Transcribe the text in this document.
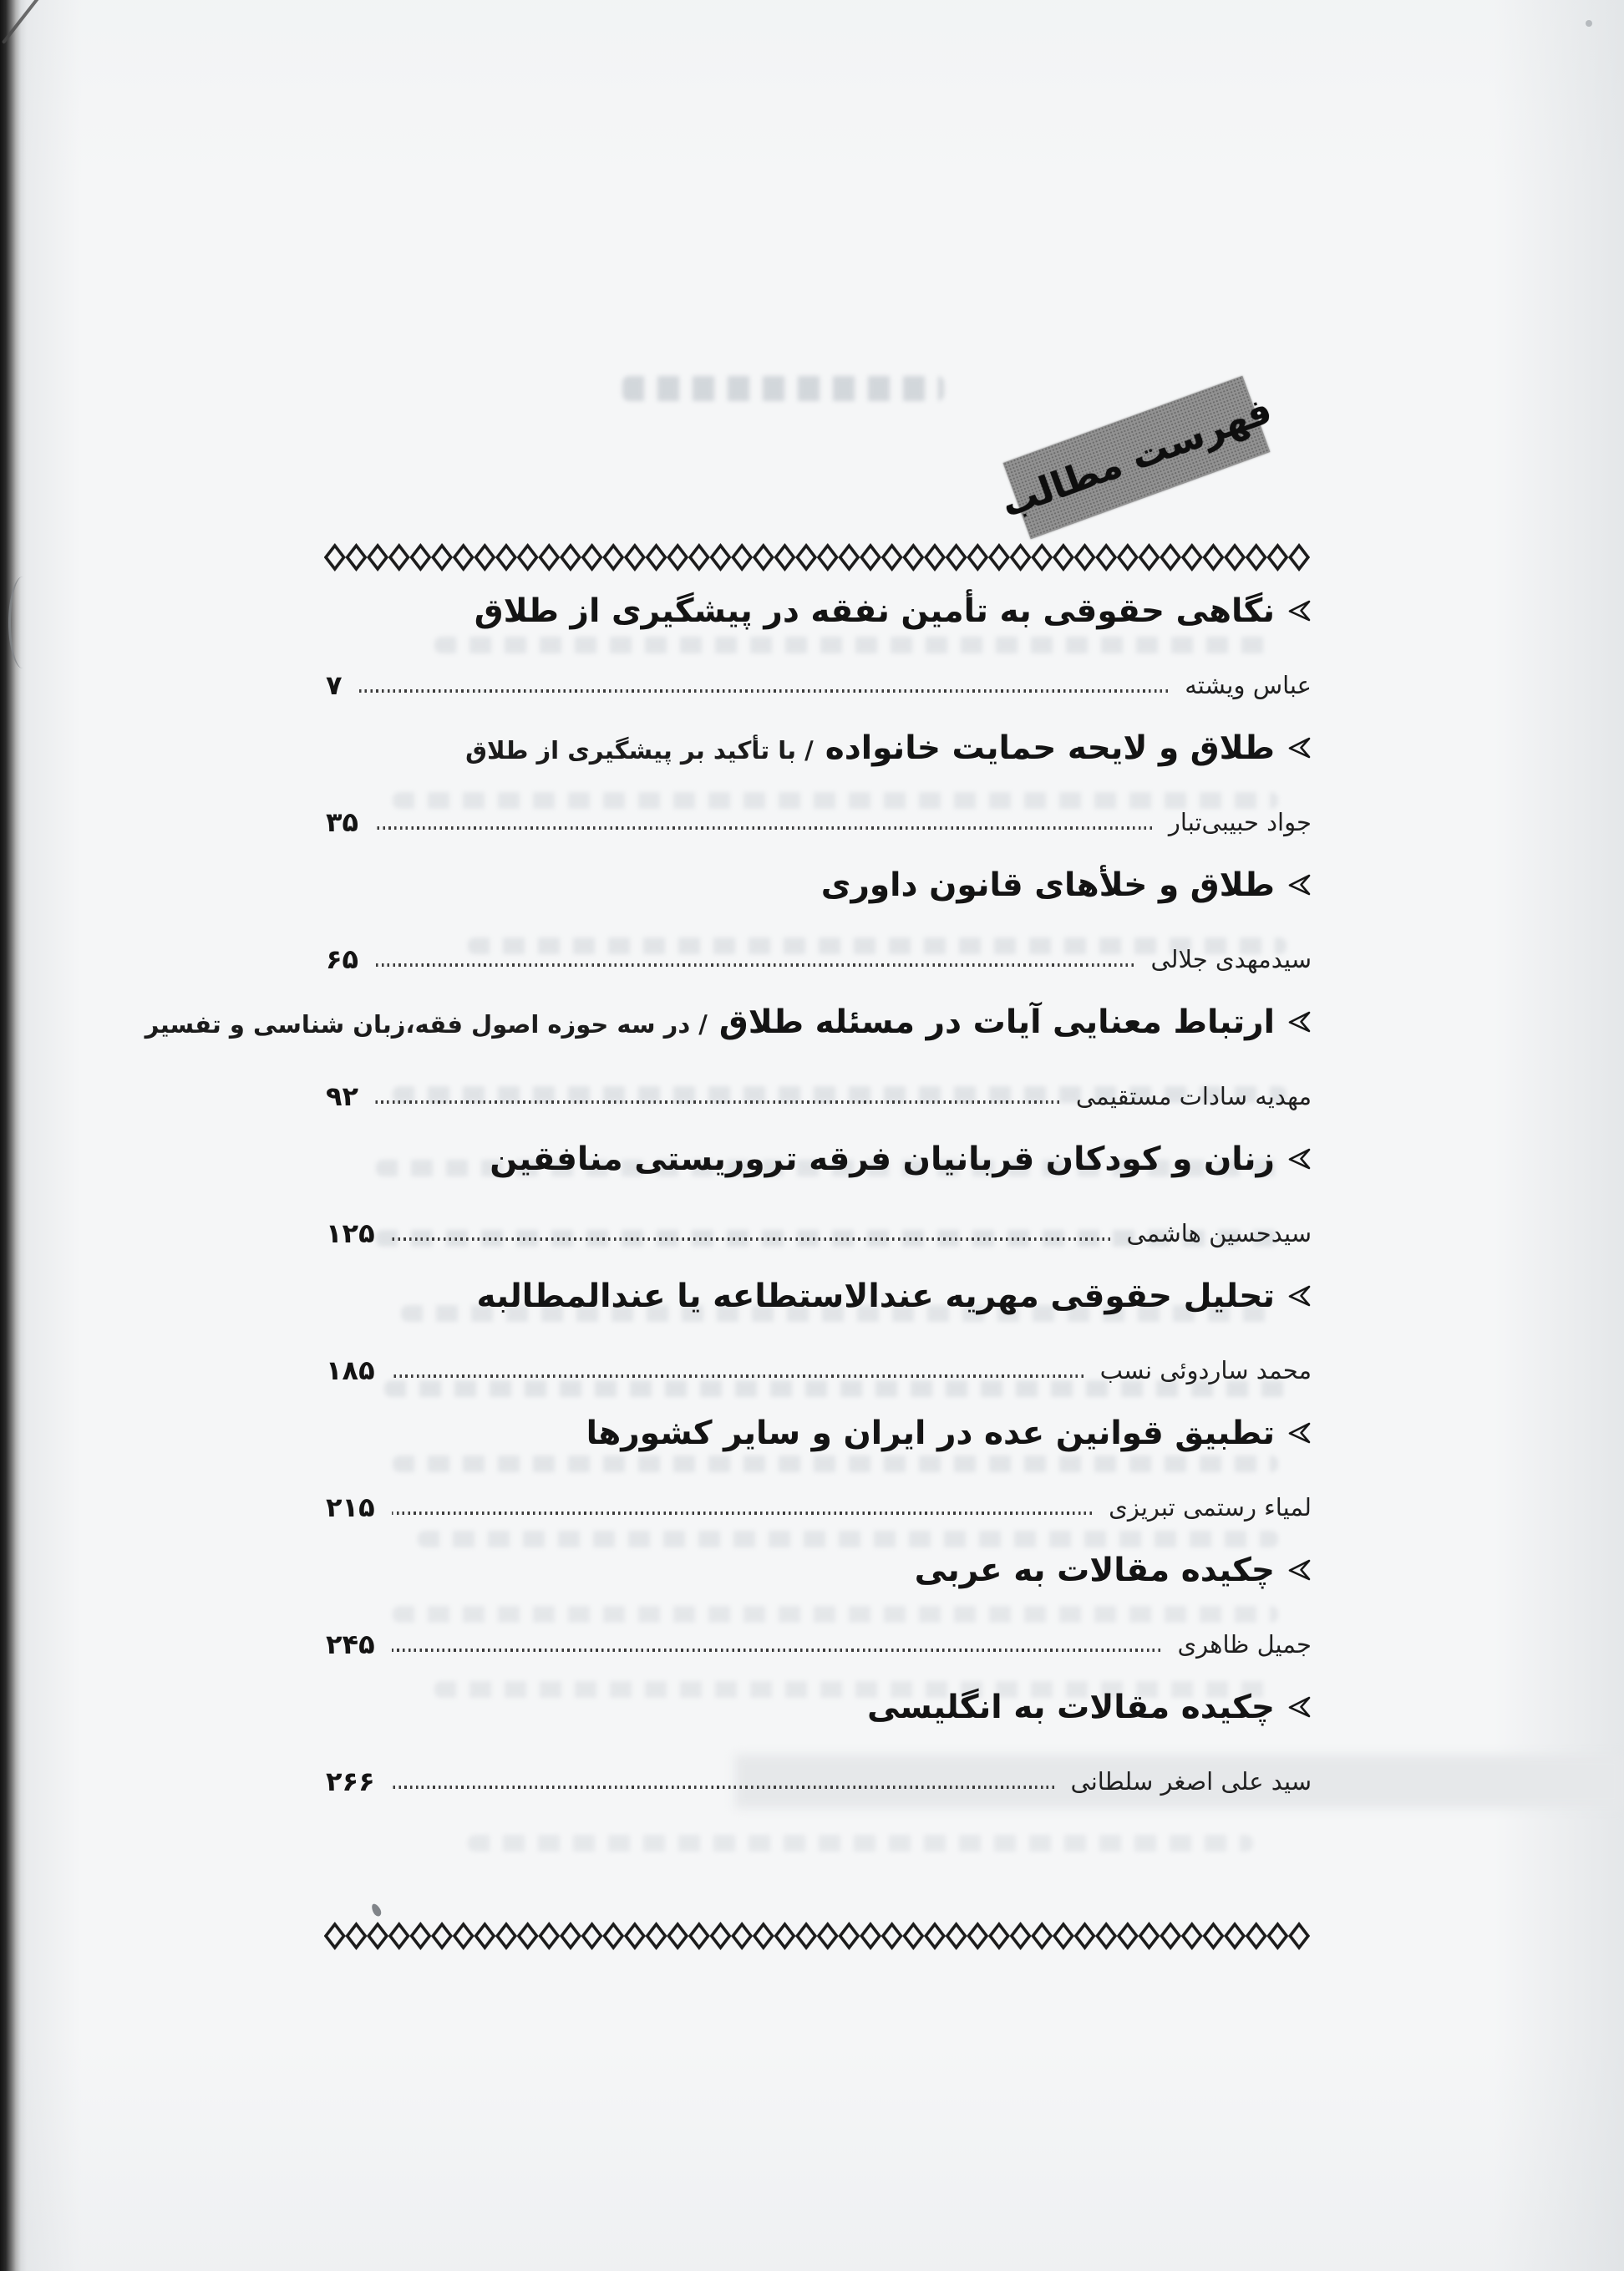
فهرست مطالب
نگاهی حقوقی به تأمین نفقه در پیشگیری از طلاق
عباس ویشته
۷
طلاق و لایحه حمایت خانواده
/ با تأکید بر پیشگیری از طلاق
جواد حبیبی‌تبار
۳۵
طلاق و خلأهای قانون داوری
سیدمهدی جلالی
۶۵
ارتباط معنایی آیات در مسئله طلاق
/ در سه حوزه اصول فقه،زبان شناسی و تفسیر
مهدیه سادات مستقیمی
۹۲
زنان و کودکان قربانیان فرقه تروریستی منافقین
سیدحسین هاشمی
۱۲۵
تحلیل حقوقی مهریه عندالاستطاعه یا عندالمطالبه
محمد ساردوئی نسب
۱۸۵
تطبیق قوانین عده در ایران و سایر کشورها
لمیاء رستمی تبریزی
۲۱۵
چکیده مقالات به عربی
جمیل ظاهری
۲۴۵
چکیده مقالات به انگلیسی
سید علی اصغر سلطانی
۲۶۶
